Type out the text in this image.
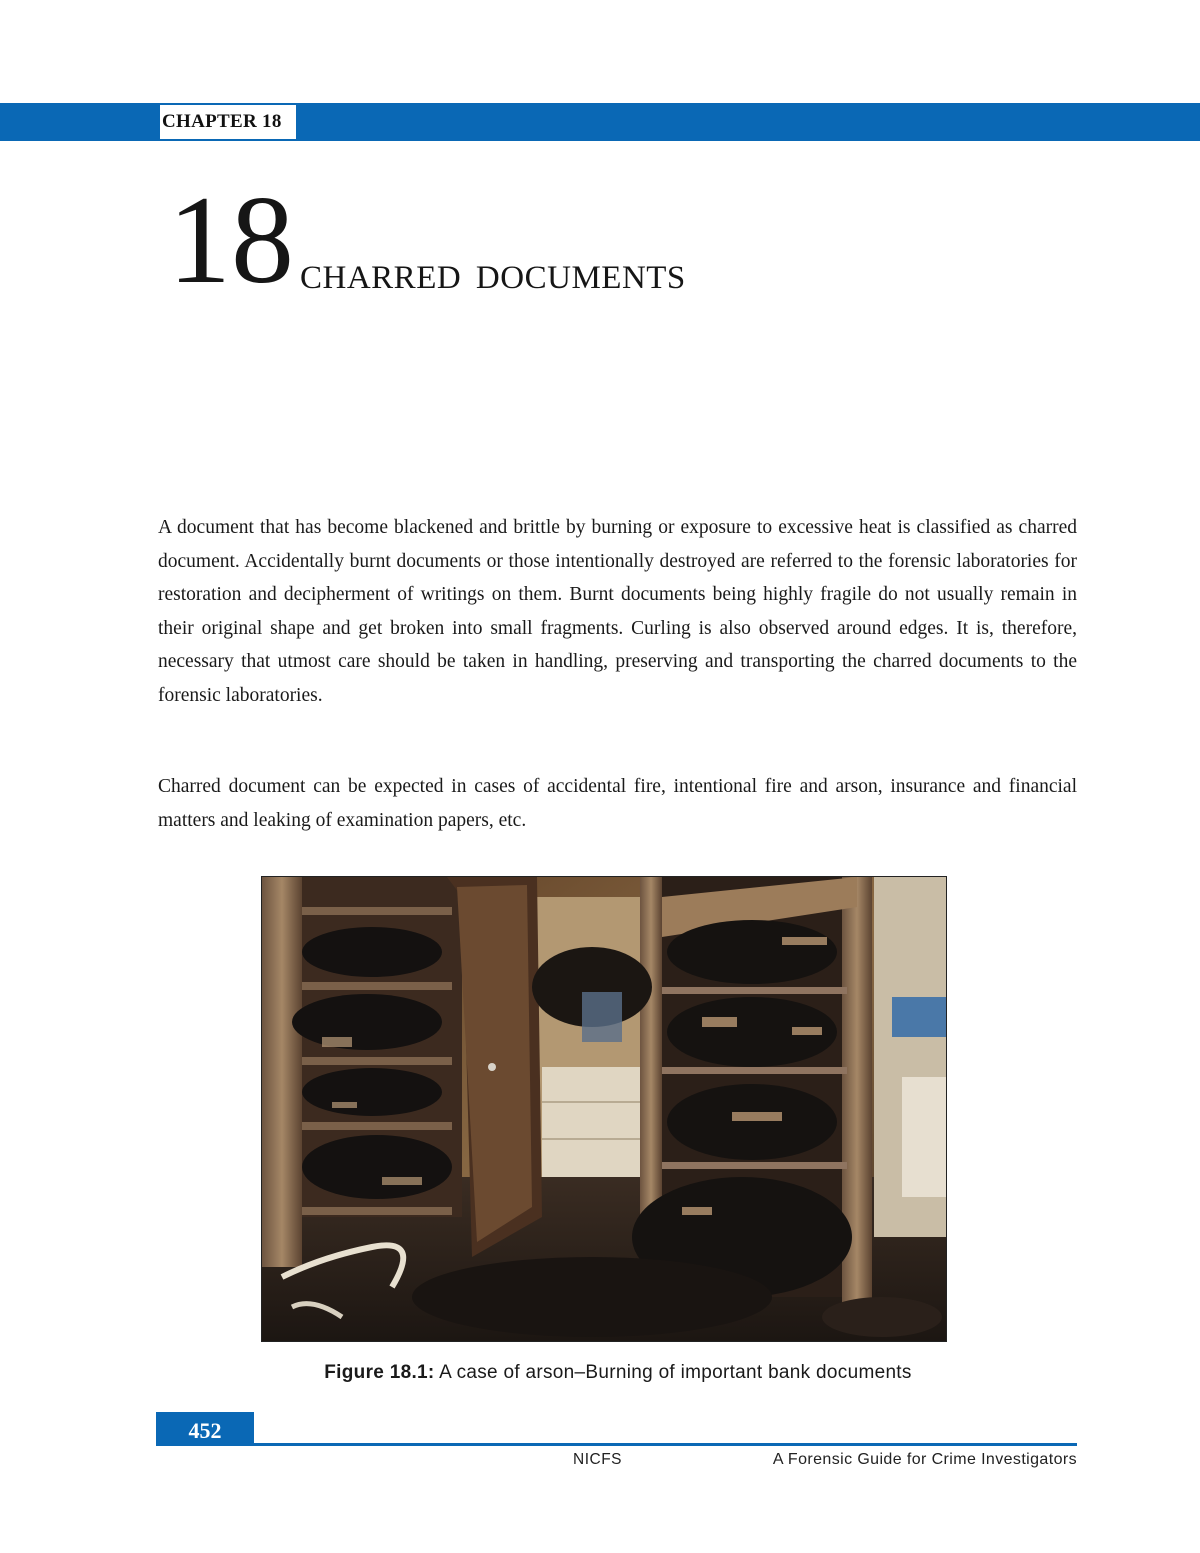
CHAPTER 18
18 CHARRED DOCUMENTS

A document that has become blackened and brittle by burning or exposure to excessive heat is classified as charred document. Accidentally burnt documents or those intentionally destroyed are referred to the forensic laboratories for restoration and decipherment of writings on them. Burnt documents being highly fragile do not usually remain in their original shape and get broken into small fragments. Curling is also observed around edges. It is, therefore, necessary that utmost care should be taken in handling, preserving and transporting the charred documents to the forensic laboratories.

Charred document can be expected in cases of accidental fire, intentional fire and arson, insurance and financial matters and leaking of examination papers, etc.

Figure 18.1: A case of arson–Burning of important bank documents
452
NICFS	A Forensic Guide for Crime Investigators
